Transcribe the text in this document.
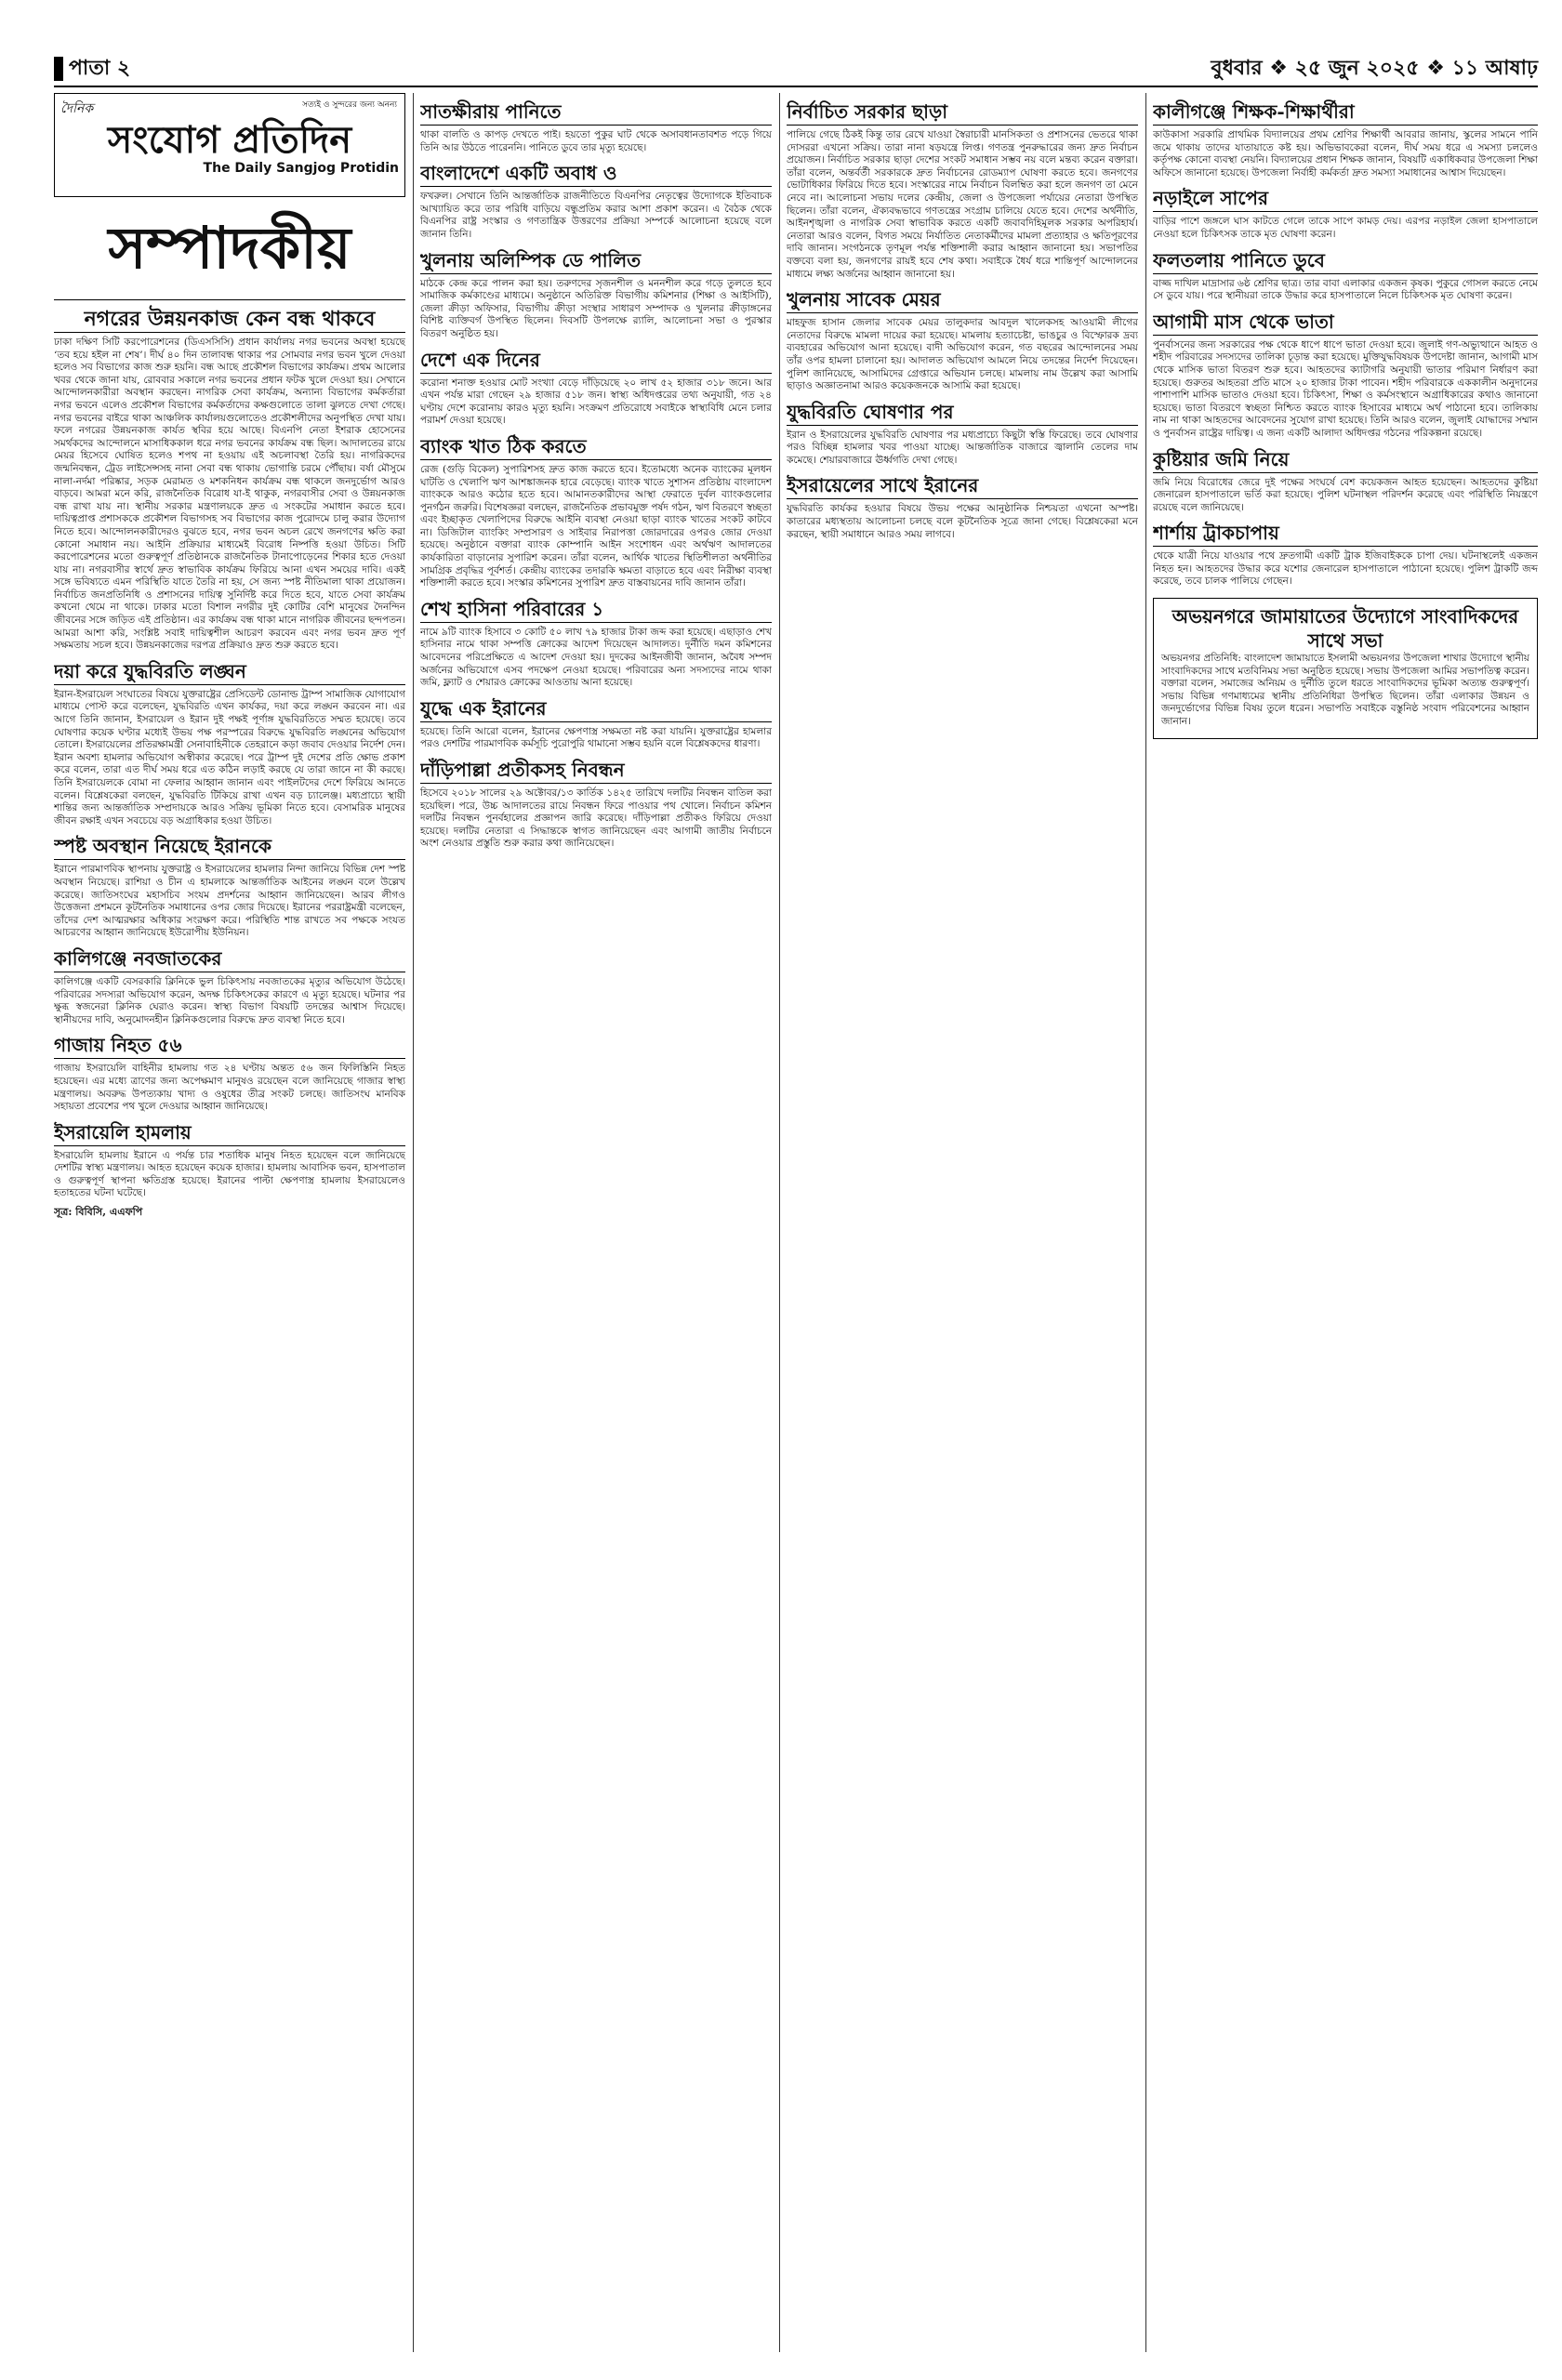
পাতা ২	বুধবার ❖ ২৫ জুন ২০২৫ ❖ ১১ আষাঢ়
দৈনিক	সত্যই ও সুন্দরের জন্য অনন্য
সংযোগ প্রতিদিন
The Daily Sangjog Protidin
সম্পাদকীয়
নগরের উন্নয়নকাজ কেন বন্ধ থাকবে

ঢাকা দক্ষিণ সিটি করপোরেশনের (ডিএসসিসি) প্রধান কার্যালয় নগর ভবনের অবস্থা হয়েছে ‘তব হয়ে হইল না শেষ’। দীর্ঘ ৪০ দিন তালাবন্ধ থাকার পর সোমবার নগর ভবন খুলে দেওয়া হলেও সব বিভাগের কাজ শুরু হয়নি। বন্ধ আছে প্রকৌশল বিভাগের কার্যক্রম। প্রথম আলোর খবর থেকে জানা যায়, রোববার সকালে নগর ভবনের প্রধান ফটক খুলে দেওয়া হয়। সেখানে আন্দোলনকারীরা অবস্থান করছেন। নাগরিক সেবা কার্যক্রম, অন্যান্য বিভাগের কর্মকর্তারা নগর ভবনে এলেও প্রকৌশল বিভাগের কর্মকর্তাদের কক্ষগুলোতে তালা ঝুলতে দেখা গেছে। নগর ভবনের বাইরে থাকা আঞ্চলিক কার্যালয়গুলোতেও প্রকৌশলীদের অনুপস্থিত দেখা যায়। ফলে নগরের উন্নয়নকাজ কার্যত স্থবির হয়ে আছে। বিএনপি নেতা ইশরাক হোসেনের সমর্থকদের আন্দোলনে মাসাধিককাল ধরে নগর ভবনের কার্যক্রম বন্ধ ছিল। আদালতের রায়ে মেয়র হিসেবে ঘোষিত হলেও শপথ না হওয়ায় এই অচলাবস্থা তৈরি হয়। নাগরিকদের জন্মনিবন্ধন, ট্রেড লাইসেন্সসহ নানা সেবা বন্ধ থাকায় ভোগান্তি চরমে পৌঁছায়। বর্ষা মৌসুমে নালা-নর্দমা পরিষ্কার, সড়ক মেরামত ও মশকনিধন কার্যক্রম বন্ধ থাকলে জনদুর্ভোগ আরও বাড়বে। আমরা মনে করি, রাজনৈতিক বিরোধ যা-ই থাকুক, নগরবাসীর সেবা ও উন্নয়নকাজ বন্ধ রাখা যায় না। স্থানীয় সরকার মন্ত্রণালয়কে দ্রুত এ সংকটের সমাধান করতে হবে। দায়িত্বপ্রাপ্ত প্রশাসককে প্রকৌশল বিভাগসহ সব বিভাগের কাজ পুরোদমে চালু করার উদ্যোগ নিতে হবে। আন্দোলনকারীদেরও বুঝতে হবে, নগর ভবন অচল রেখে জনগণের ক্ষতি করা কোনো সমাধান নয়। আইনি প্রক্রিয়ার মাধ্যমেই বিরোধ নিষ্পত্তি হওয়া উচিত। সিটি করপোরেশনের মতো গুরুত্বপূর্ণ প্রতিষ্ঠানকে রাজনৈতিক টানাপোড়েনের শিকার হতে দেওয়া যায় না। নগরবাসীর স্বার্থে দ্রুত স্বাভাবিক কার্যক্রম ফিরিয়ে আনা এখন সময়ের দাবি। একই সঙ্গে ভবিষ্যতে এমন পরিস্থিতি যাতে তৈরি না হয়, সে জন্য স্পষ্ট নীতিমালা থাকা প্রয়োজন। নির্বাচিত জনপ্রতিনিধি ও প্রশাসনের দায়িত্ব সুনির্দিষ্ট করে দিতে হবে, যাতে সেবা কার্যক্রম কখনো থেমে না থাকে। ঢাকার মতো বিশাল নগরীর দুই কোটির বেশি মানুষের দৈনন্দিন জীবনের সঙ্গে জড়িত এই প্রতিষ্ঠান। এর কার্যক্রম বন্ধ থাকা মানে নাগরিক জীবনের ছন্দপতন। আমরা আশা করি, সংশ্লিষ্ট সবাই দায়িত্বশীল আচরণ করবেন এবং নগর ভবন দ্রুত পূর্ণ সক্ষমতায় সচল হবে। উন্নয়নকাজের দরপত্র প্রক্রিয়াও দ্রুত শুরু করতে হবে।

দয়া করে যুদ্ধবিরতি লঙ্ঘন

ইরান-ইসরায়েল সংঘাতের বিষয়ে যুক্তরাষ্ট্রের প্রেসিডেন্ট ডোনাল্ড ট্রাম্প সামাজিক যোগাযোগ মাধ্যমে পোস্ট করে বলেছেন, যুদ্ধবিরতি এখন কার্যকর, দয়া করে লঙ্ঘন করবেন না। এর আগে তিনি জানান, ইসরায়েল ও ইরান দুই পক্ষই পূর্ণাঙ্গ যুদ্ধবিরতিতে সম্মত হয়েছে। তবে ঘোষণার কয়েক ঘণ্টার মধ্যেই উভয় পক্ষ পরস্পরের বিরুদ্ধে যুদ্ধবিরতি লঙ্ঘনের অভিযোগ তোলে। ইসরায়েলের প্রতিরক্ষামন্ত্রী সেনাবাহিনীকে তেহরানে কড়া জবাব দেওয়ার নির্দেশ দেন। ইরান অবশ্য হামলার অভিযোগ অস্বীকার করেছে। পরে ট্রাম্প দুই দেশের প্রতি ক্ষোভ প্রকাশ করে বলেন, তারা এত দীর্ঘ সময় ধরে এত কঠিন লড়াই করছে যে তারা জানে না কী করছে। তিনি ইসরায়েলকে বোমা না ফেলার আহ্বান জানান এবং পাইলটদের দেশে ফিরিয়ে আনতে বলেন। বিশ্লেষকেরা বলছেন, যুদ্ধবিরতি টিকিয়ে রাখা এখন বড় চ্যালেঞ্জ। মধ্যপ্রাচ্যে স্থায়ী শান্তির জন্য আন্তর্জাতিক সম্প্রদায়কে আরও সক্রিয় ভূমিকা নিতে হবে। বেসামরিক মানুষের জীবন রক্ষাই এখন সবচেয়ে বড় অগ্রাধিকার হওয়া উচিত।

স্পষ্ট অবস্থান নিয়েছে ইরানকে

ইরানে পারমাণবিক স্থাপনায় যুক্তরাষ্ট্র ও ইসরায়েলের হামলার নিন্দা জানিয়ে বিভিন্ন দেশ স্পষ্ট অবস্থান নিয়েছে। রাশিয়া ও চীন এ হামলাকে আন্তর্জাতিক আইনের লঙ্ঘন বলে উল্লেখ করেছে। জাতিসংঘের মহাসচিব সংযম প্রদর্শনের আহ্বান জানিয়েছেন। আরব লীগও উত্তেজনা প্রশমনে কূটনৈতিক সমাধানের ওপর জোর দিয়েছে। ইরানের পররাষ্ট্রমন্ত্রী বলেছেন, তাঁদের দেশ আত্মরক্ষার অধিকার সংরক্ষণ করে। পরিস্থিতি শান্ত রাখতে সব পক্ষকে সংযত আচরণের আহ্বান জানিয়েছে ইউরোপীয় ইউনিয়ন।

কালিগঞ্জে নবজাতকের

কালিগঞ্জে একটি বেসরকারি ক্লিনিকে ভুল চিকিৎসায় নবজাতকের মৃত্যুর অভিযোগ উঠেছে। পরিবারের সদস্যরা অভিযোগ করেন, অদক্ষ চিকিৎসকের কারণে এ মৃত্যু হয়েছে। ঘটনার পর ক্ষুব্ধ স্বজনেরা ক্লিনিক ঘেরাও করেন। স্বাস্থ্য বিভাগ বিষয়টি তদন্তের আশ্বাস দিয়েছে। স্থানীয়দের দাবি, অনুমোদনহীন ক্লিনিকগুলোর বিরুদ্ধে দ্রুত ব্যবস্থা নিতে হবে।

গাজায় নিহত ৫৬

গাজায় ইসরায়েলি বাহিনীর হামলায় গত ২৪ ঘণ্টায় অন্তত ৫৬ জন ফিলিস্তিনি নিহত হয়েছেন। এর মধ্যে ত্রাণের জন্য অপেক্ষমাণ মানুষও রয়েছেন বলে জানিয়েছে গাজার স্বাস্থ্য মন্ত্রণালয়। অবরুদ্ধ উপত্যকায় খাদ্য ও ওষুধের তীব্র সংকট চলছে। জাতিসংঘ মানবিক সহায়তা প্রবেশের পথ খুলে দেওয়ার আহ্বান জানিয়েছে।

ইসরায়েলি হামলায়

ইসরায়েলি হামলায় ইরানে এ পর্যন্ত চার শতাধিক মানুষ নিহত হয়েছেন বলে জানিয়েছে দেশটির স্বাস্থ্য মন্ত্রণালয়। আহত হয়েছেন কয়েক হাজার। হামলায় আবাসিক ভবন, হাসপাতাল ও গুরুত্বপূর্ণ স্থাপনা ক্ষতিগ্রস্ত হয়েছে। ইরানের পাল্টা ক্ষেপণাস্ত্র হামলায় ইসরায়েলেও হতাহতের ঘটনা ঘটেছে।

সূত্র: বিবিসি, এএফপি
সাতক্ষীরায় পানিতে

থাকা বালতি ও কাপড় দেখতে পাই। হয়তো পুকুর ঘাট থেকে অসাবধানতাবশত পড়ে গিয়ে তিনি আর উঠতে পারেননি। পানিতে ডুবে তার মৃত্যু হয়েছে।

বাংলাদেশে একটি অবাধ ও

ফখরুল। সেখানে তিনি আন্তর্জাতিক রাজনীতিতে বিএনপির নেতৃত্বের উদ্যোগকে ইতিবাচক আখ্যায়িত করে তার পরিধি বাড়িয়ে বন্ধুপ্রতিম করার আশা প্রকাশ করেন। এ বৈঠক থেকে বিএনপির রাষ্ট্র সংস্কার ও গণতান্ত্রিক উত্তরণের প্রক্রিয়া সম্পর্কে আলোচনা হয়েছে বলে জানান তিনি।

খুলনায় অলিম্পিক ডে পালিত

মাঠকে কেন্দ্র করে পালন করা হয়। তরুণদের সৃজনশীল ও মননশীল করে গড়ে তুলতে হবে সামাজিক কর্মকাণ্ডের মাধ্যমে। অনুষ্ঠানে অতিরিক্ত বিভাগীয় কমিশনার (শিক্ষা ও আইসিটি), জেলা ক্রীড়া অফিসার, বিভাগীয় ক্রীড়া সংস্থার সাধারণ সম্পাদক ও খুলনার ক্রীড়াঙ্গনের বিশিষ্ট ব্যক্তিবর্গ উপস্থিত ছিলেন। দিবসটি উপলক্ষে র‍্যালি, আলোচনা সভা ও পুরস্কার বিতরণ অনুষ্ঠিত হয়।

দেশে এক দিনের

করোনা শনাক্ত হওয়ার মোট সংখ্যা বেড়ে দাঁড়িয়েছে ২০ লাখ ৫২ হাজার ৩১৮ জনে। আর এখন পর্যন্ত মারা গেছেন ২৯ হাজার ৫১৮ জন। স্বাস্থ্য অধিদপ্তরের তথ্য অনুযায়ী, গত ২৪ ঘণ্টায় দেশে করোনায় কারও মৃত্যু হয়নি। সংক্রমণ প্রতিরোধে সবাইকে স্বাস্থ্যবিধি মেনে চলার পরামর্শ দেওয়া হয়েছে।

ব্যাংক খাত ঠিক করতে

রেজ (গুড়ি বিকেল) সুপারিশসহ দ্রুত কাজ করতে হবে। ইতোমধ্যে অনেক ব্যাংকের মূলধন ঘাটতি ও খেলাপি ঋণ আশঙ্কাজনক হারে বেড়েছে। ব্যাংক খাতে সুশাসন প্রতিষ্ঠায় বাংলাদেশ ব্যাংককে আরও কঠোর হতে হবে। আমানতকারীদের আস্থা ফেরাতে দুর্বল ব্যাংকগুলোর পুনর্গঠন জরুরি। বিশেষজ্ঞরা বলছেন, রাজনৈতিক প্রভাবমুক্ত পর্ষদ গঠন, ঋণ বিতরণে স্বচ্ছতা এবং ইচ্ছাকৃত খেলাপিদের বিরুদ্ধে আইনি ব্যবস্থা নেওয়া ছাড়া ব্যাংক খাতের সংকট কাটবে না। ডিজিটাল ব্যাংকিং সম্প্রসারণ ও সাইবার নিরাপত্তা জোরদারের ওপরও জোর দেওয়া হয়েছে। অনুষ্ঠানে বক্তারা ব্যাংক কোম্পানি আইন সংশোধন এবং অর্থঋণ আদালতের কার্যকারিতা বাড়ানোর সুপারিশ করেন। তাঁরা বলেন, আর্থিক খাতের স্থিতিশীলতা অর্থনীতির সামগ্রিক প্রবৃদ্ধির পূর্বশর্ত। কেন্দ্রীয় ব্যাংকের তদারকি ক্ষমতা বাড়াতে হবে এবং নিরীক্ষা ব্যবস্থা শক্তিশালী করতে হবে। সংস্কার কমিশনের সুপারিশ দ্রুত বাস্তবায়নের দাবি জানান তাঁরা।

শেখ হাসিনা পরিবারের ১

নামে ৯টি ব্যাংক হিসাবে ৩ কোটি ৫০ লাখ ৭৯ হাজার টাকা জব্দ করা হয়েছে। এছাড়াও শেখ হাসিনার নামে থাকা সম্পত্তি ক্রোকের আদেশ দিয়েছেন আদালত। দুর্নীতি দমন কমিশনের আবেদনের পরিপ্রেক্ষিতে এ আদেশ দেওয়া হয়। দুদকের আইনজীবী জানান, অবৈধ সম্পদ অর্জনের অভিযোগে এসব পদক্ষেপ নেওয়া হয়েছে। পরিবারের অন্য সদস্যদের নামে থাকা জমি, ফ্ল্যাট ও শেয়ারও ক্রোকের আওতায় আনা হয়েছে।

যুদ্ধে এক ইরানের

হয়েছে। তিনি আরো বলেন, ইরানের ক্ষেপণাস্ত্র সক্ষমতা নষ্ট করা যায়নি। যুক্তরাষ্ট্রের হামলার পরও দেশটির পারমাণবিক কর্মসূচি পুরোপুরি থামানো সম্ভব হয়নি বলে বিশ্লেষকদের ধারণা।

দাঁড়িপাল্লা প্রতীকসহ নিবন্ধন

হিসেবে ২০১৮ সালের ২৯ অক্টোবর/১৩ কার্তিক ১৪২৫ তারিখে দলটির নিবন্ধন বাতিল করা হয়েছিল। পরে, উচ্চ আদালতের রায়ে নিবন্ধন ফিরে পাওয়ার পথ খোলে। নির্বাচন কমিশন দলটির নিবন্ধন পুনর্বহালের প্রজ্ঞাপন জারি করেছে। দাঁড়িপাল্লা প্রতীকও ফিরিয়ে দেওয়া হয়েছে। দলটির নেতারা এ সিদ্ধান্তকে স্বাগত জানিয়েছেন এবং আগামী জাতীয় নির্বাচনে অংশ নেওয়ার প্রস্তুতি শুরু করার কথা জানিয়েছেন।

নির্বাচিত সরকার ছাড়া

পালিয়ে গেছে ঠিকই কিন্তু তার রেখে যাওয়া স্বৈরাচারী মানসিকতা ও প্রশাসনের ভেতরে থাকা দোসররা এখনো সক্রিয়। তারা নানা ষড়যন্ত্রে লিপ্ত। গণতন্ত্র পুনরুদ্ধারের জন্য দ্রুত নির্বাচন প্রয়োজন। নির্বাচিত সরকার ছাড়া দেশের সংকট সমাধান সম্ভব নয় বলে মন্তব্য করেন বক্তারা। তাঁরা বলেন, অন্তর্বর্তী সরকারকে দ্রুত নির্বাচনের রোডম্যাপ ঘোষণা করতে হবে। জনগণের ভোটাধিকার ফিরিয়ে দিতে হবে। সংস্কারের নামে নির্বাচন বিলম্বিত করা হলে জনগণ তা মেনে নেবে না। আলোচনা সভায় দলের কেন্দ্রীয়, জেলা ও উপজেলা পর্যায়ের নেতারা উপস্থিত ছিলেন। তাঁরা বলেন, ঐক্যবদ্ধভাবে গণতন্ত্রের সংগ্রাম চালিয়ে যেতে হবে। দেশের অর্থনীতি, আইনশৃঙ্খলা ও নাগরিক সেবা স্বাভাবিক করতে একটি জবাবদিহিমূলক সরকার অপরিহার্য। নেতারা আরও বলেন, বিগত সময়ে নির্যাতিত নেতাকর্মীদের মামলা প্রত্যাহার ও ক্ষতিপূরণের দাবি জানান। সংগঠনকে তৃণমূল পর্যন্ত শক্তিশালী করার আহ্বান জানানো হয়। সভাপতির বক্তব্যে বলা হয়, জনগণের রায়ই হবে শেষ কথা। সবাইকে ধৈর্য ধরে শান্তিপূর্ণ আন্দোলনের মাধ্যমে লক্ষ্য অর্জনের আহ্বান জানানো হয়।

খুলনায় সাবেক মেয়র

মাহফুজ হাসান জেলার সাবেক মেয়র তালুকদার আবদুল খালেকসহ আওয়ামী লীগের নেতাদের বিরুদ্ধে মামলা দায়ের করা হয়েছে। মামলায় হত্যাচেষ্টা, ভাঙচুর ও বিস্ফোরক দ্রব্য ব্যবহারের অভিযোগ আনা হয়েছে। বাদী অভিযোগ করেন, গত বছরের আন্দোলনের সময় তাঁর ওপর হামলা চালানো হয়। আদালত অভিযোগ আমলে নিয়ে তদন্তের নির্দেশ দিয়েছেন। পুলিশ জানিয়েছে, আসামিদের গ্রেপ্তারে অভিযান চলছে। মামলায় নাম উল্লেখ করা আসামি ছাড়াও অজ্ঞাতনামা আরও কয়েকজনকে আসামি করা হয়েছে।

যুদ্ধবিরতি ঘোষণার পর

ইরান ও ইসরায়েলের যুদ্ধবিরতি ঘোষণার পর মধ্যপ্রাচ্যে কিছুটা স্বস্তি ফিরেছে। তবে ঘোষণার পরও বিচ্ছিন্ন হামলার খবর পাওয়া যাচ্ছে। আন্তর্জাতিক বাজারে জ্বালানি তেলের দাম কমেছে। শেয়ারবাজারে ঊর্ধ্বগতি দেখা গেছে।

ইসরায়েলের সাথে ইরানের

যুদ্ধবিরতি কার্যকর হওয়ার বিষয়ে উভয় পক্ষের আনুষ্ঠানিক নিশ্চয়তা এখনো অস্পষ্ট। কাতারের মধ্যস্থতায় আলোচনা চলছে বলে কূটনৈতিক সূত্রে জানা গেছে। বিশ্লেষকেরা মনে করছেন, স্থায়ী সমাধানে আরও সময় লাগবে।

কালীগঞ্জে শিক্ষক-শিক্ষার্থীরা

কাউকাসা সরকারি প্রাথমিক বিদ্যালয়ের প্রথম শ্রেণির শিক্ষার্থী আবরার জানায়, স্কুলের সামনে পানি জমে থাকায় তাদের যাতায়াতে কষ্ট হয়। অভিভাবকেরা বলেন, দীর্ঘ সময় ধরে এ সমস্যা চললেও কর্তৃপক্ষ কোনো ব্যবস্থা নেয়নি। বিদ্যালয়ের প্রধান শিক্ষক জানান, বিষয়টি একাধিকবার উপজেলা শিক্ষা অফিসে জানানো হয়েছে। উপজেলা নির্বাহী কর্মকর্তা দ্রুত সমস্যা সমাধানের আশ্বাস দিয়েছেন।

নড়াইলে সাপের

বাড়ির পাশে জঙ্গলে ঘাস কাটতে গেলে তাকে সাপে কামড় দেয়। এরপর নড়াইল জেলা হাসপাতালে নেওয়া হলে চিকিৎসক তাকে মৃত ঘোষণা করেন।

ফলতলায় পানিতে ডুবে

বাজ্জ দাখিল মাদ্রাসার ৬ষ্ঠ শ্রেণির ছাত্র। তার বাবা এলাকার একজন কৃষক। পুকুরে গোসল করতে নেমে সে ডুবে যায়। পরে স্থানীয়রা তাকে উদ্ধার করে হাসপাতালে নিলে চিকিৎসক মৃত ঘোষণা করেন।

আগামী মাস থেকে ভাতা

পুনর্বাসনের জন্য সরকারের পক্ষ থেকে ধাপে ধাপে ভাতা দেওয়া হবে। জুলাই গণ-অভ্যুত্থানে আহত ও শহীদ পরিবারের সদস্যদের তালিকা চূড়ান্ত করা হয়েছে। মুক্তিযুদ্ধবিষয়ক উপদেষ্টা জানান, আগামী মাস থেকে মাসিক ভাতা বিতরণ শুরু হবে। আহতদের ক্যাটাগরি অনুযায়ী ভাতার পরিমাণ নির্ধারণ করা হয়েছে। গুরুতর আহতরা প্রতি মাসে ২০ হাজার টাকা পাবেন। শহীদ পরিবারকে এককালীন অনুদানের পাশাপাশি মাসিক ভাতাও দেওয়া হবে। চিকিৎসা, শিক্ষা ও কর্মসংস্থানে অগ্রাধিকারের কথাও জানানো হয়েছে। ভাতা বিতরণে স্বচ্ছতা নিশ্চিত করতে ব্যাংক হিসাবের মাধ্যমে অর্থ পাঠানো হবে। তালিকায় নাম না থাকা আহতদের আবেদনের সুযোগ রাখা হয়েছে। তিনি আরও বলেন, জুলাই যোদ্ধাদের সম্মান ও পুনর্বাসন রাষ্ট্রের দায়িত্ব। এ জন্য একটি আলাদা অধিদপ্তর গঠনের পরিকল্পনা রয়েছে।

কুষ্টিয়ার জমি নিয়ে

জমি নিয়ে বিরোধের জেরে দুই পক্ষের সংঘর্ষে বেশ কয়েকজন আহত হয়েছেন। আহতদের কুষ্টিয়া জেনারেল হাসপাতালে ভর্তি করা হয়েছে। পুলিশ ঘটনাস্থল পরিদর্শন করেছে এবং পরিস্থিতি নিয়ন্ত্রণে রয়েছে বলে জানিয়েছে।

শার্শায় ট্রাকচাপায়

থেকে যাত্রী নিয়ে যাওয়ার পথে দ্রুতগামী একটি ট্রাক ইজিবাইককে চাপা দেয়। ঘটনাস্থলেই একজন নিহত হন। আহতদের উদ্ধার করে যশোর জেনারেল হাসপাতালে পাঠানো হয়েছে। পুলিশ ট্রাকটি জব্দ করেছে, তবে চালক পালিয়ে গেছেন।

অভয়নগরে জামায়াতের উদ্যোগে সাংবাদিকদের সাথে সভা

অভয়নগর প্রতিনিধি: বাংলাদেশ জামায়াতে ইসলামী অভয়নগর উপজেলা শাখার উদ্যোগে স্থানীয় সাংবাদিকদের সাথে মতবিনিময় সভা অনুষ্ঠিত হয়েছে। সভায় উপজেলা আমির সভাপতিত্ব করেন। বক্তারা বলেন, সমাজের অনিয়ম ও দুর্নীতি তুলে ধরতে সাংবাদিকদের ভূমিকা অত্যন্ত গুরুত্বপূর্ণ। সভায় বিভিন্ন গণমাধ্যমের স্থানীয় প্রতিনিধিরা উপস্থিত ছিলেন। তাঁরা এলাকার উন্নয়ন ও জনদুর্ভোগের বিভিন্ন বিষয় তুলে ধরেন। সভাপতি সবাইকে বস্তুনিষ্ঠ সংবাদ পরিবেশনের আহ্বান জানান।
